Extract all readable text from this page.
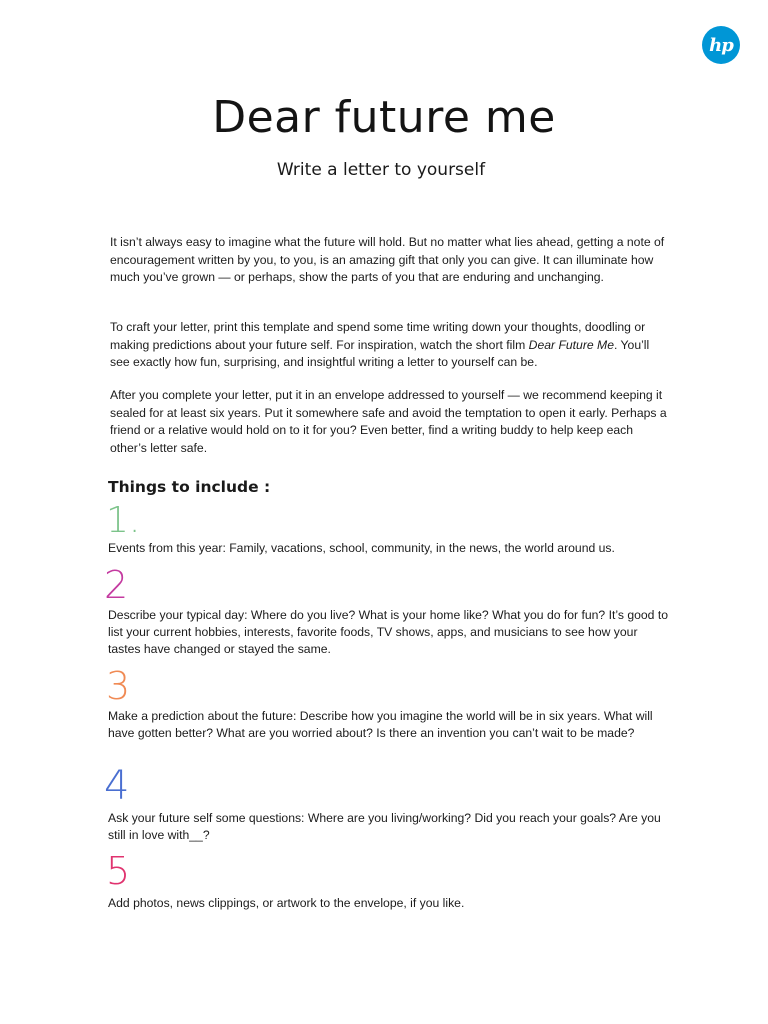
hp
Dear future me
Write a letter to yourself

It isn’t always easy to imagine what the future will hold. But no matter what lies ahead, getting a note of encouragement written by you, to you, is an amazing gift that only you can give. It can illuminate how much you’ve grown — or perhaps, show the parts of you that are enduring and unchanging.

To craft your letter, print this template and spend some time writing down your thoughts, doodling or making predictions about your future self. For inspiration, watch the short film Dear Future Me. You’ll see exactly how fun, surprising, and insightful writing a letter to yourself can be.

After you complete your letter, put it in an envelope addressed to yourself — we recommend keeping it sealed for at least six years. Put it somewhere safe and avoid the temptation to open it early. Perhaps a friend or a relative would hold on to it for you? Even better, find a writing buddy to help keep each other’s letter safe.

Things to include :
1.

Events from this year: Family, vacations, school, community, in the news, the world around us.

2

Describe your typical day: Where do you live? What is your home like? What you do for fun? It’s good to list your current hobbies, interests, favorite foods, TV shows, apps, and musicians to see how your tastes have changed or stayed the same.

3

Make a prediction about the future: Describe how you imagine the world will be in six years. What will have gotten better? What are you worried about? Is there an invention you can’t wait to be made?

4

Ask your future self some questions: Where are you living/working? Did you reach your goals? Are you still in love with__?

5

Add photos, news clippings, or artwork to the envelope, if you like.
